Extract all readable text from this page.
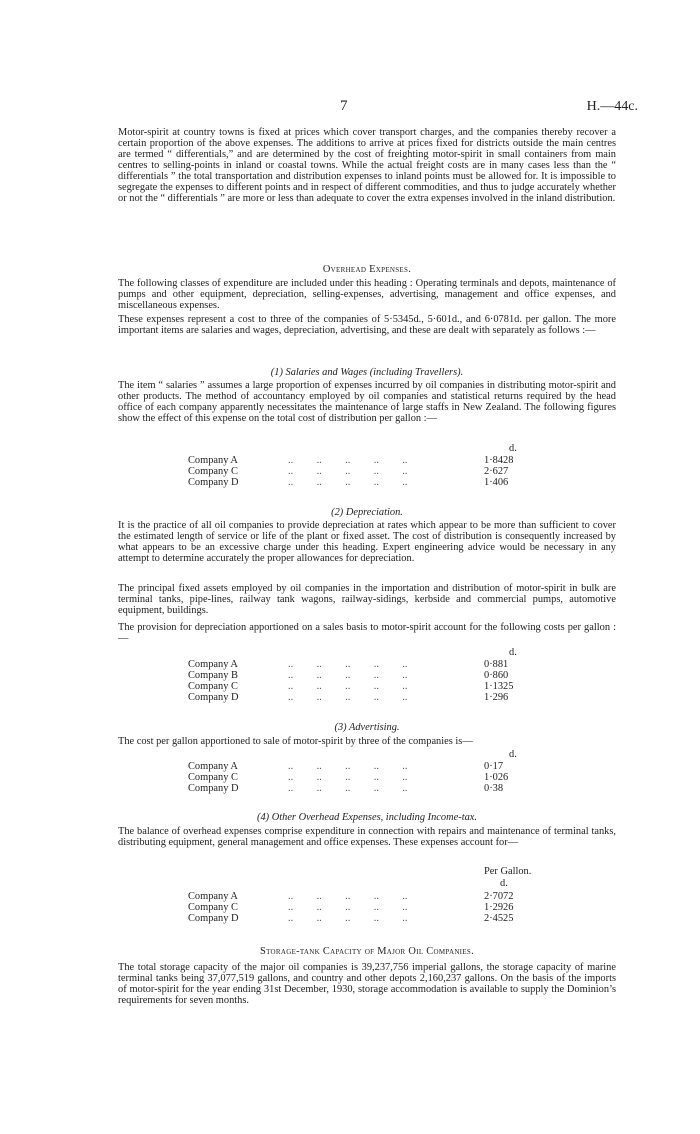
7	H.—44c.

Motor-spirit at country towns is fixed at prices which cover transport charges, and the companies thereby recover a certain proportion of the above expenses. The additions to arrive at prices fixed for districts outside the main centres are termed “ differentials,” and are determined by the cost of freighting motor-spirit in small containers from main centres to selling-points in inland or coastal towns. While the actual freight costs are in many cases less than the “ differentials ” the total transportation and distribution expenses to inland points must be allowed for. It is impossible to segregate the expenses to different points and in respect of different commodities, and thus to judge accurately whether or not the “ differentials ” are more or less than adequate to cover the extra expenses involved in the inland distribution.

Overhead Expenses.

The following classes of expenditure are included under this heading : Operating terminals and depots, maintenance of pumps and other equipment, depreciation, selling-expenses, advertising, management and office expenses, and miscellaneous expenses.

These expenses represent a cost to three of the companies of 5·5345d., 5·601d., and 6·0781d. per gallon. The more important items are salaries and wages, depreciation, advertising, and these are dealt with separately as follows :—

(1) Salaries and Wages (including Travellers).

The item “ salaries ” assumes a large proportion of expenses incurred by oil companies in distributing motor-spirit and other products. The method of accountancy employed by oil companies and statistical returns required by the head office of each company apparently necessitates the maintenance of large staffs in New Zealand. The following figures show the effect of this expense on the total cost of distribution per gallon :—

d.
Company A	..         ..         ..         ..         ..	1·8428
Company C	..         ..         ..         ..         ..	2·627
Company D	..         ..         ..         ..         ..	1·406

(2) Depreciation.

It is the practice of all oil companies to provide depreciation at rates which appear to be more than sufficient to cover the estimated length of service or life of the plant or fixed asset. The cost of distribution is consequently increased by what appears to be an excessive charge under this heading. Expert engineering advice would be necessary in any attempt to determine accurately the proper allowances for depreciation.

The principal fixed assets employed by oil companies in the importation and distribution of motor-spirit in bulk are terminal tanks, pipe-lines, railway tank wagons, railway-sidings, kerbside and commercial pumps, automotive equipment, buildings.

The provision for depreciation apportioned on a sales basis to motor-spirit account for the following costs per gallon :—

d.
Company A	..         ..         ..         ..         ..	0·881
Company B	..         ..         ..         ..         ..	0·860
Company C	..         ..         ..         ..         ..	1·1325
Company D	..         ..         ..         ..         ..	1·296

(3) Advertising.

The cost per gallon apportioned to sale of motor-spirit by three of the companies is—

d.
Company A	..         ..         ..         ..         ..	0·17
Company C	..         ..         ..         ..         ..	1·026
Company D	..         ..         ..         ..         ..	0·38

(4) Other Overhead Expenses, including Income-tax.

The balance of overhead expenses comprise expenditure in connection with repairs and maintenance of terminal tanks, distributing equipment, general management and office expenses. These expenses account for—

Per Gallon.
d.
Company A	..         ..         ..         ..         ..	2·7072
Company C	..         ..         ..         ..         ..	1·2926
Company D	..         ..         ..         ..         ..	2·4525

Storage-tank Capacity of Major Oil Companies.

The total storage capacity of the major oil companies is 39,237,756 imperial gallons, the storage capacity of marine terminal tanks being 37,077,519 gallons, and country and other depots 2,160,237 gallons. On the basis of the imports of motor-spirit for the year ending 31st December, 1930, storage accommodation is available to supply the Dominion’s requirements for seven months.
